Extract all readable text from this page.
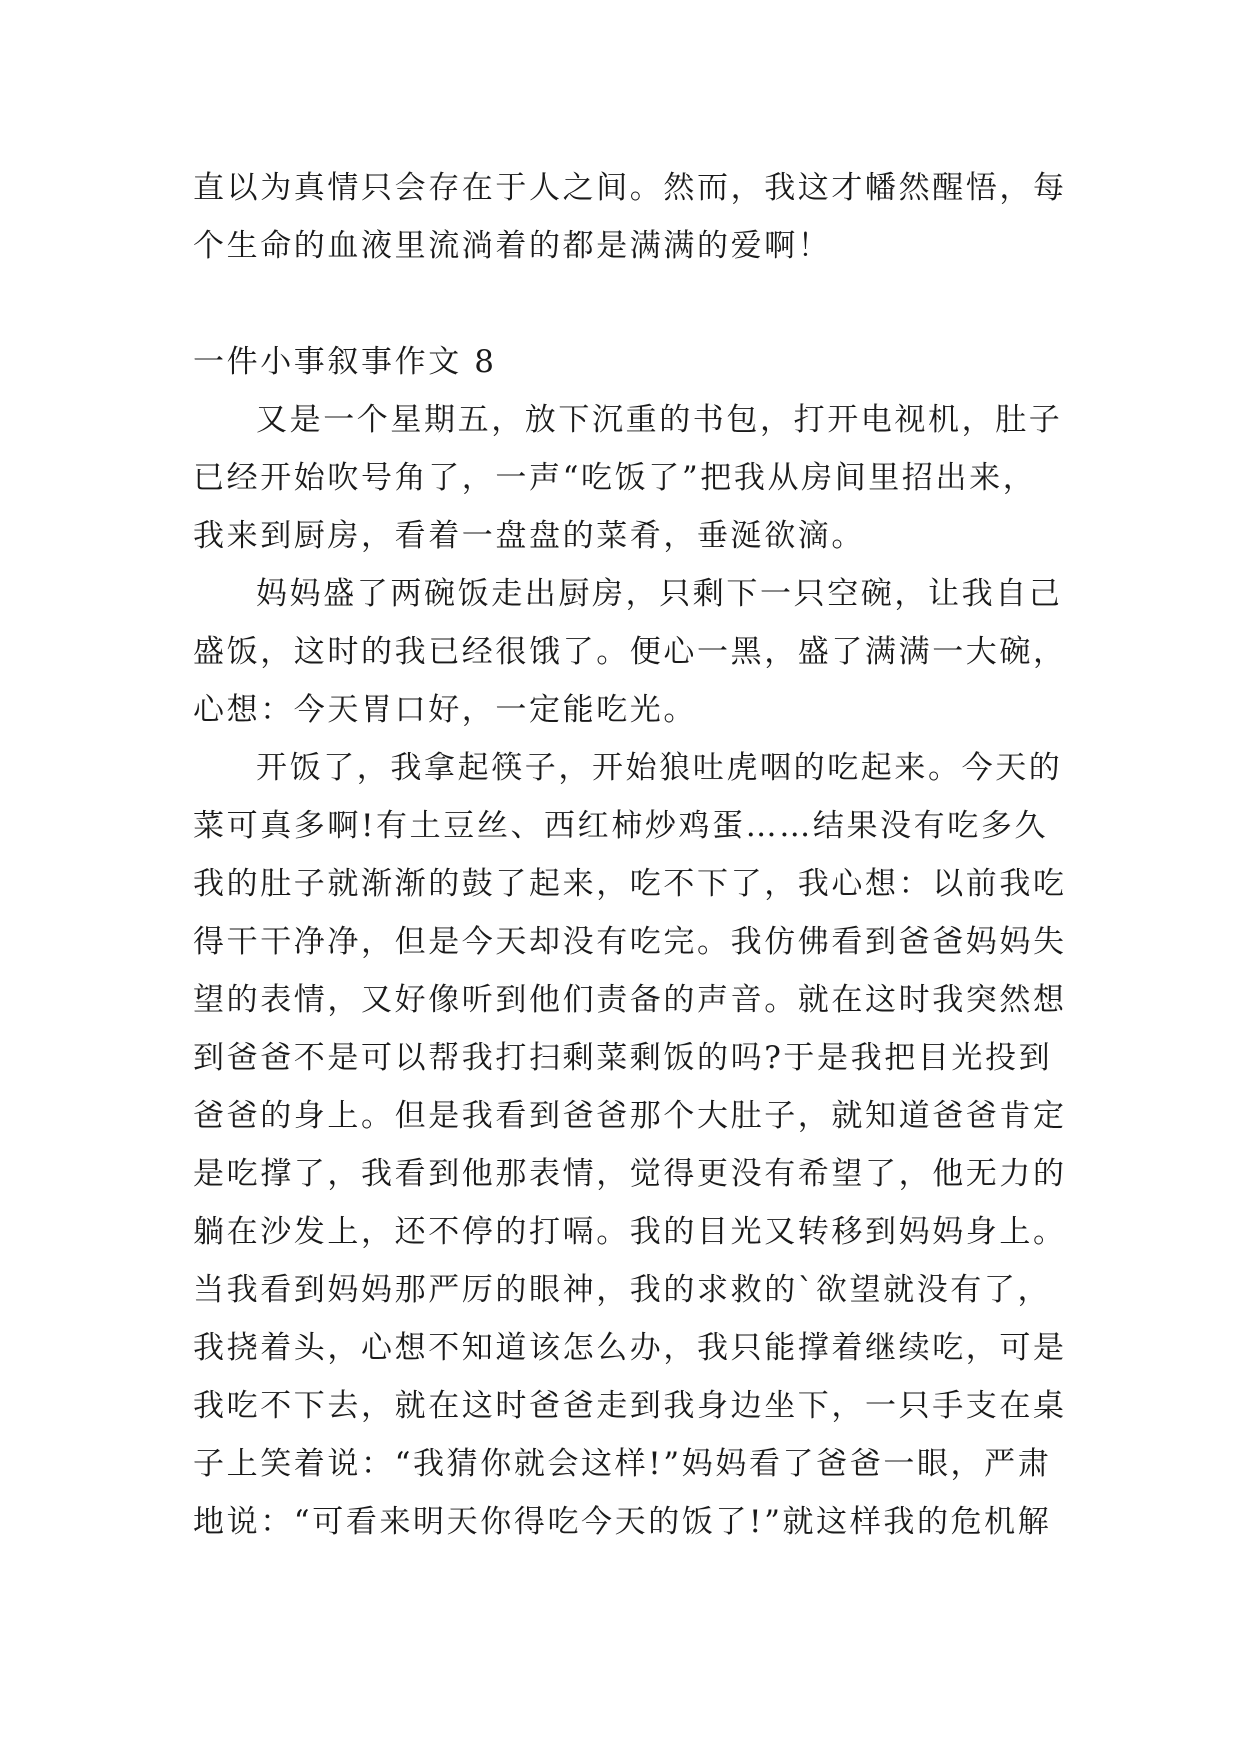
直以为真情只会存在于人之间。然而，我这才幡然醒悟，每
个生命的血液里流淌着的都是满满的爱啊！
一件小事叙事作文 8
又是一个星期五，放下沉重的书包，打开电视机，肚子
已经开始吹号角了，一声“吃饭了”把我从房间里招出来，
我来到厨房，看着一盘盘的菜肴，垂涎欲滴。
妈妈盛了两碗饭走出厨房，只剩下一只空碗，让我自己
盛饭，这时的我已经很饿了。便心一黑，盛了满满一大碗，
心想：今天胃口好，一定能吃光。
开饭了，我拿起筷子，开始狼吐虎咽的吃起来。今天的
菜可真多啊!有土豆丝、西红柿炒鸡蛋……结果没有吃多久
我的肚子就渐渐的鼓了起来，吃不下了，我心想：以前我吃
得干干净净，但是今天却没有吃完。我仿佛看到爸爸妈妈失
望的表情，又好像听到他们责备的声音。就在这时我突然想
到爸爸不是可以帮我打扫剩菜剩饭的吗?于是我把目光投到
爸爸的身上。但是我看到爸爸那个大肚子，就知道爸爸肯定
是吃撑了，我看到他那表情，觉得更没有希望了，他无力的
躺在沙发上，还不停的打嗝。我的目光又转移到妈妈身上。
当我看到妈妈那严厉的眼神，我的求救的`欲望就没有了，
我挠着头，心想不知道该怎么办，我只能撑着继续吃，可是
我吃不下去，就在这时爸爸走到我身边坐下，一只手支在桌
子上笑着说：“我猜你就会这样!”妈妈看了爸爸一眼，严肃
地说：“可看来明天你得吃今天的饭了!”就这样我的危机解
